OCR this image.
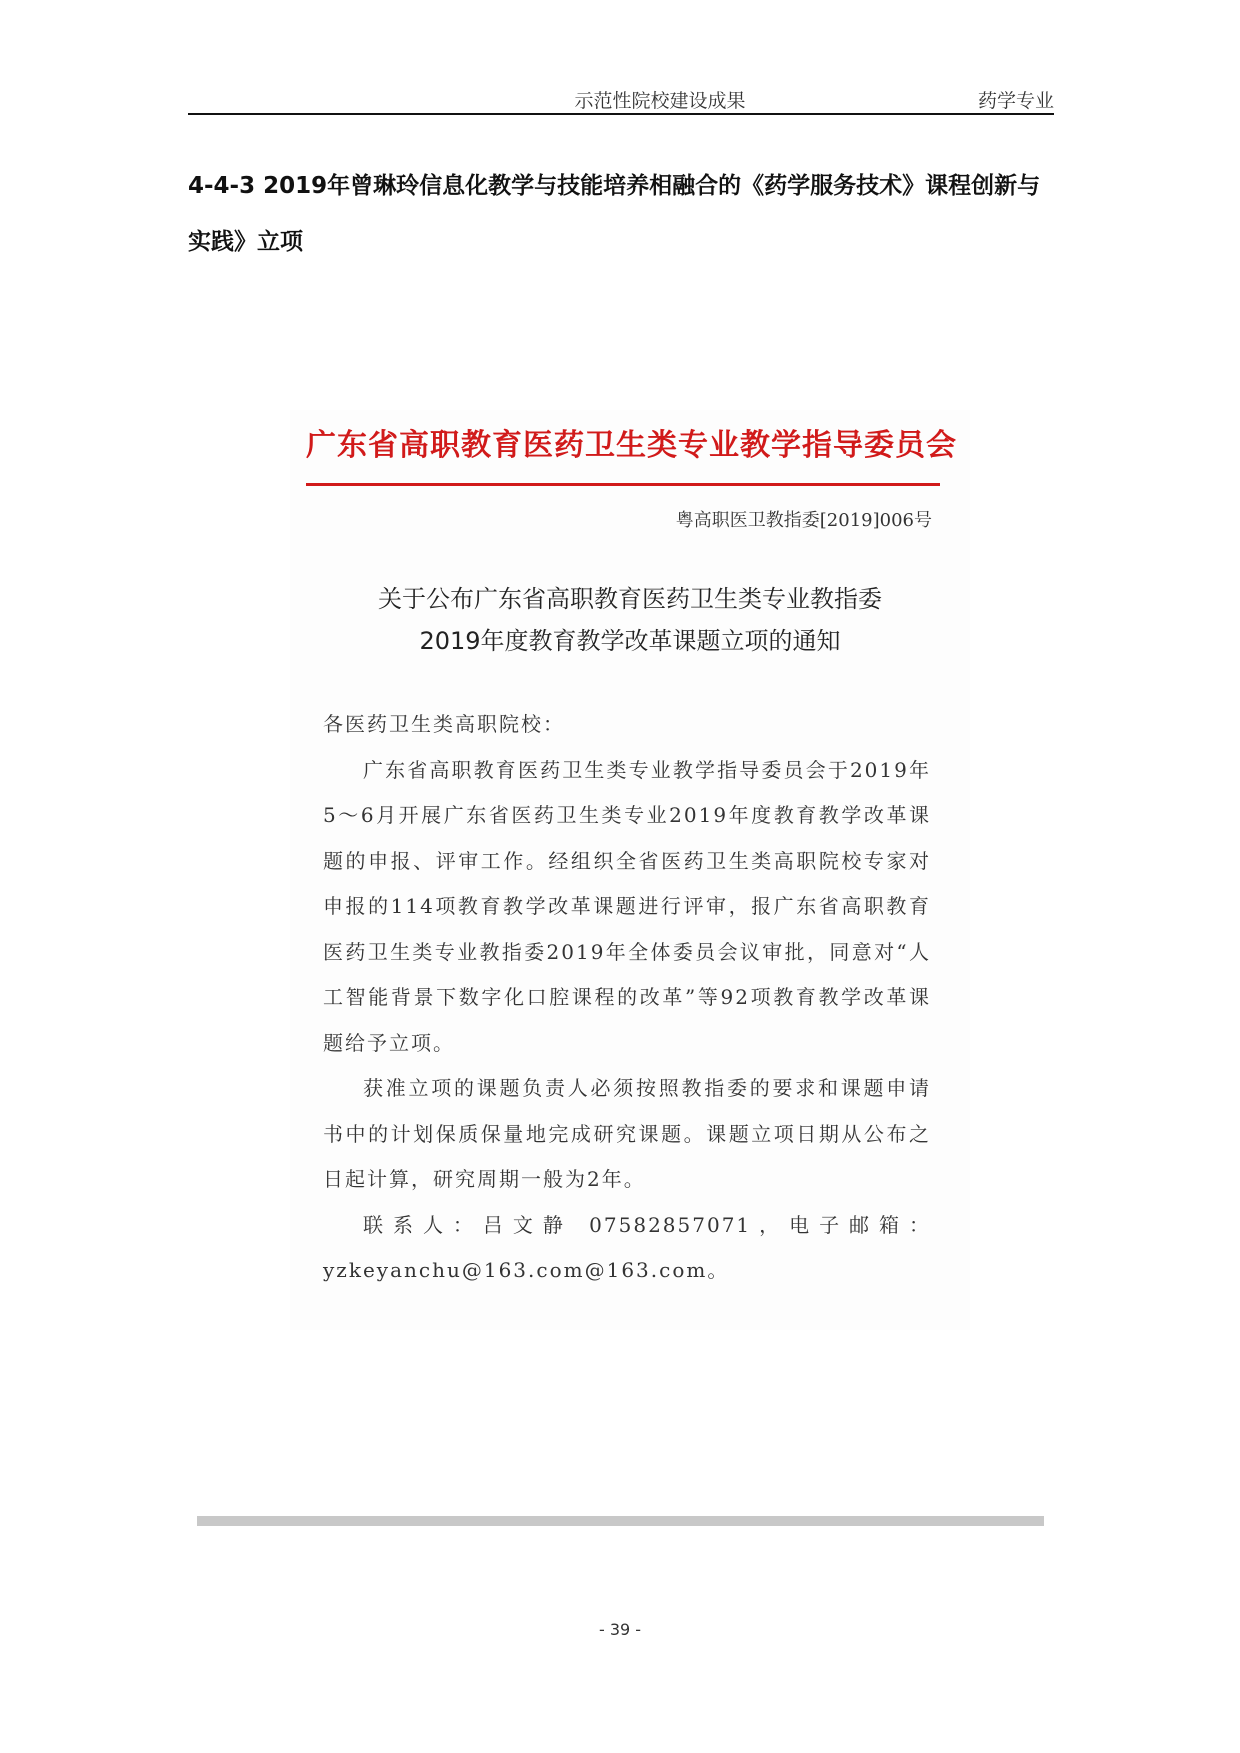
示范性院校建设成果	药学专业
4-4-3 2019年曾琳玲信息化教学与技能培养相融合的《药学服务技术》课程创新与实践》立项
广东省高职教育医药卫生类专业教学指导委员会
粤高职医卫教指委[2019]006号
关于公布广东省高职教育医药卫生类专业教指委
2019年度教育教学改革课题立项的通知

各医药卫生类高职院校：

广东省高职教育医药卫生类专业教学指导委员会于2019年5～6月开展广东省医药卫生类专业2019年度教育教学改革课题的申报、评审工作。经组织全省医药卫生类高职院校专家对申报的114项教育教学改革课题进行评审，报广东省高职教育医药卫生类专业教指委2019年全体委员会议审批，同意对“人工智能背景下数字化口腔课程的改革”等92项教育教学改革课题给予立项。

获准立项的课题负责人必须按照教指委的要求和课题申请书中的计划保质保量地完成研究课题。课题立项日期从公布之日起计算，研究周期一般为2年。

联系人：吕文静 07582857071，电子邮箱：yzkeyanchu@163.com@163.com。

- 39 -
